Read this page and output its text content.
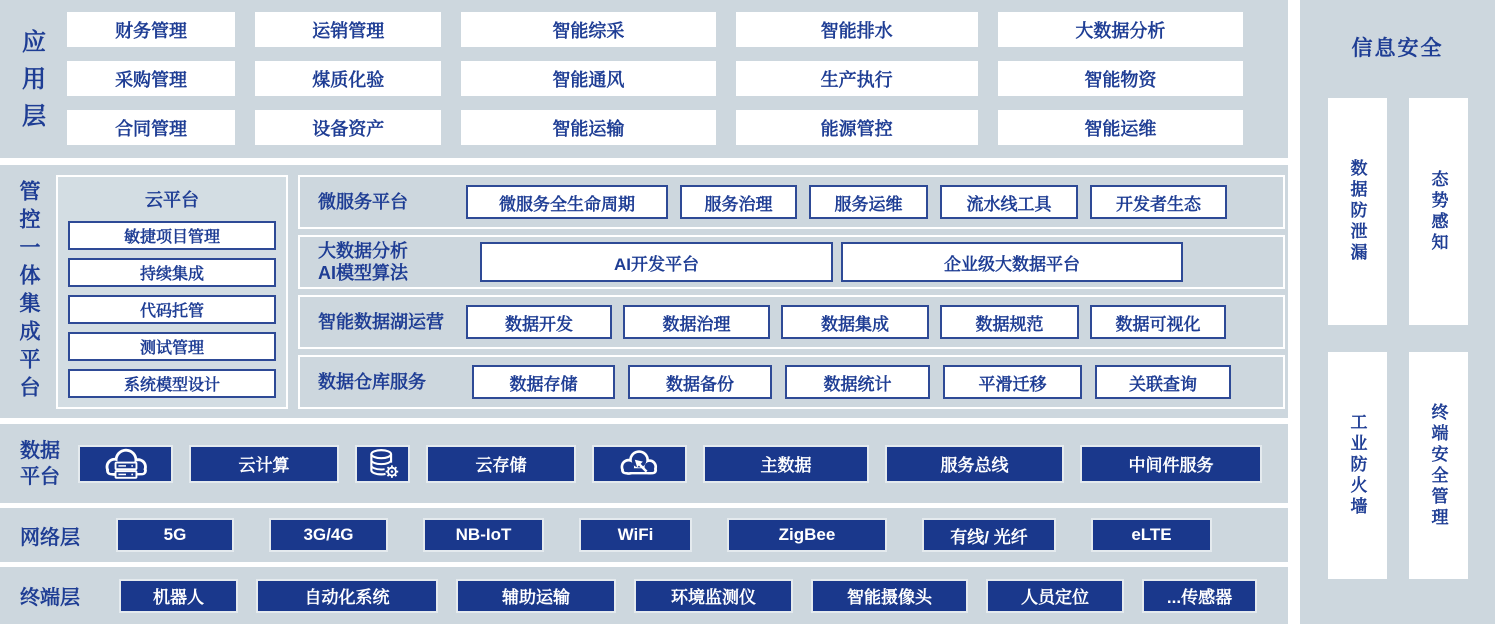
应用层	财务管理	运销管理	智能综采	智能排水	大数据分析
采购管理	煤质化验	智能通风	生产执行	智能物资
合同管理	设备资产	智能运输	能源管控	智能运维
管控一体集成平台	云平台
敏捷项目管理
持续集成
代码托管
测试管理
系统模型设计
微服务平台	微服务全生命周期	服务治理	服务运维	流水线工具	开发者生态
大数据分析
AI模型算法	AI开发平台	企业级大数据平台
智能数据湖运营	数据开发	数据治理	数据集成	数据规范	数据可视化
数据仓库服务	数据存储	数据备份	数据统计	平滑迁移	关联查询
数据
平台	云计算	云存储	主数据	服务总线	中间件服务
网络层	5G	3G/4G	NB-IoT	WiFi	ZigBee	有线/ 光纤	eLTE
终端层	机器人	自动化系统	辅助运输	环境监测仪	智能摄像头	人员定位	...传感器
信息安全
数据防泄漏	态势感知
工业防火墙	终端安全管理
